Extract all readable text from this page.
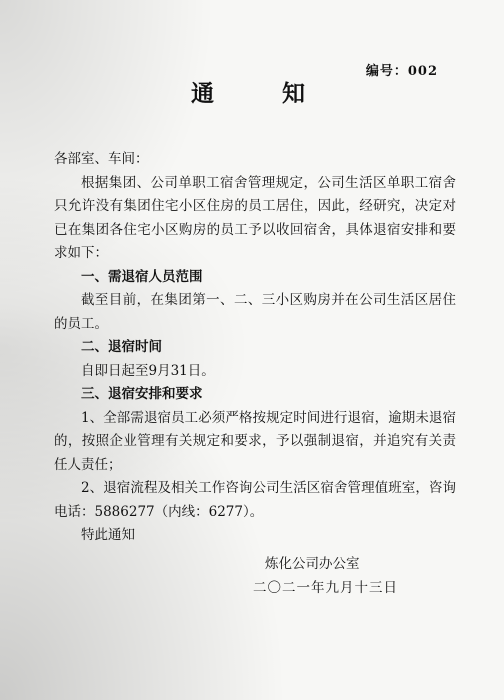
编号：002
通 知
各部室、车间：
根据集团、公司单职工宿舍管理规定，公司生活区单职工宿舍只允许没有集团住宅小区住房的员工居住，因此，经研究，决定对已在集团各住宅小区购房的员工予以收回宿舍，具体退宿安排和要求如下：
一、需退宿人员范围
截至目前，在集团第一、二、三小区购房并在公司生活区居住的员工。
二、退宿时间
自即日起至9月31日。
三、退宿安排和要求
1、全部需退宿员工必须严格按规定时间进行退宿，逾期未退宿的，按照企业管理有关规定和要求，予以强制退宿，并追究有关责任人责任；
2、退宿流程及相关工作咨询公司生活区宿舍管理值班室，咨询电话：5886277（内线：6277）。
特此通知
炼化公司办公室
二〇二一年九月十三日
